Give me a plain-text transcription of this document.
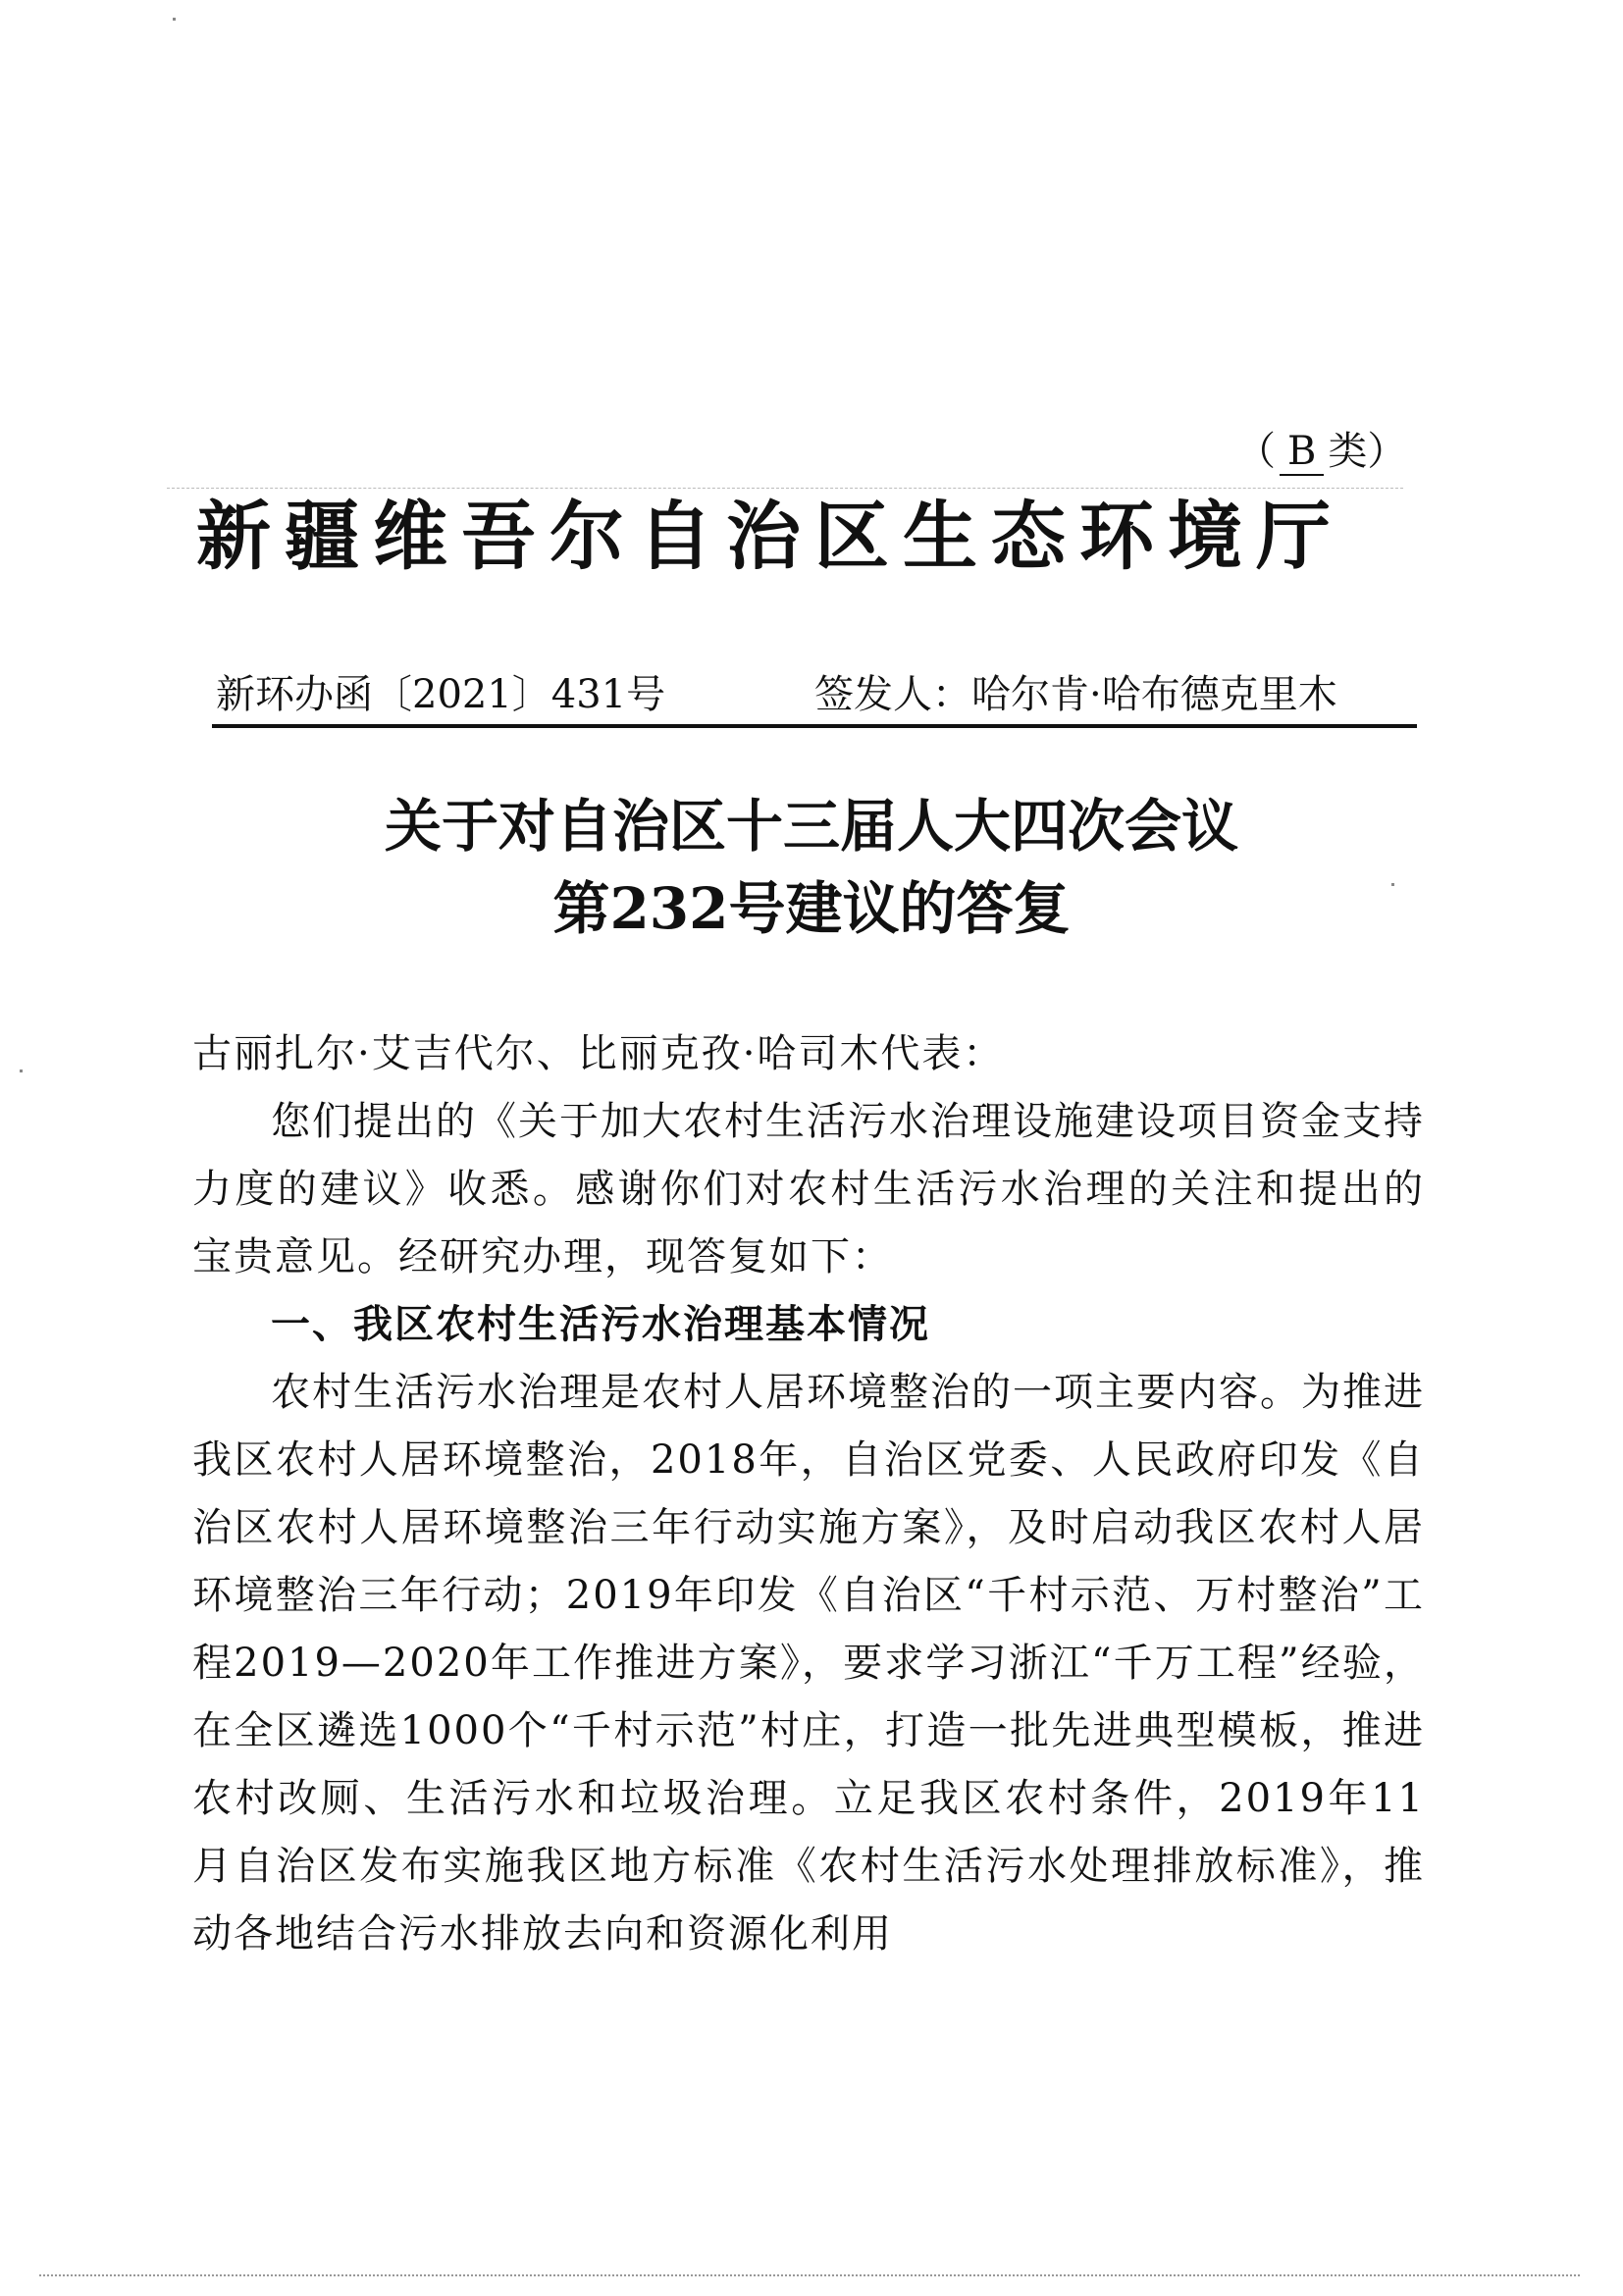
（ B 类）
新疆维吾尔自治区生态环境厅
新环办函〔2021〕431号	签发人：哈尔肯·哈布德克里木
关于对自治区十三届人大四次会议
第232号建议的答复

古丽扎尔·艾吉代尔、比丽克孜·哈司木代表：

您们提出的《关于加大农村生活污水治理设施建设项目资金支持力度的建议》收悉。感谢你们对农村生活污水治理的关注和提出的宝贵意见。经研究办理，现答复如下：

一、我区农村生活污水治理基本情况

农村生活污水治理是农村人居环境整治的一项主要内容。为推进我区农村人居环境整治，2018年，自治区党委、人民政府印发《自治区农村人居环境整治三年行动实施方案》，及时启动我区农村人居环境整治三年行动；2019年印发《自治区“千村示范、万村整治”工程2019—2020年工作推进方案》，要求学习浙江“千万工程”经验，在全区遴选1000个“千村示范”村庄，打造一批先进典型模板，推进农村改厕、生活污水和垃圾治理。立足我区农村条件，2019年11月自治区发布实施我区地方标准《农村生活污水处理排放标准》，推动各地结合污水排放去向和资源化利用
